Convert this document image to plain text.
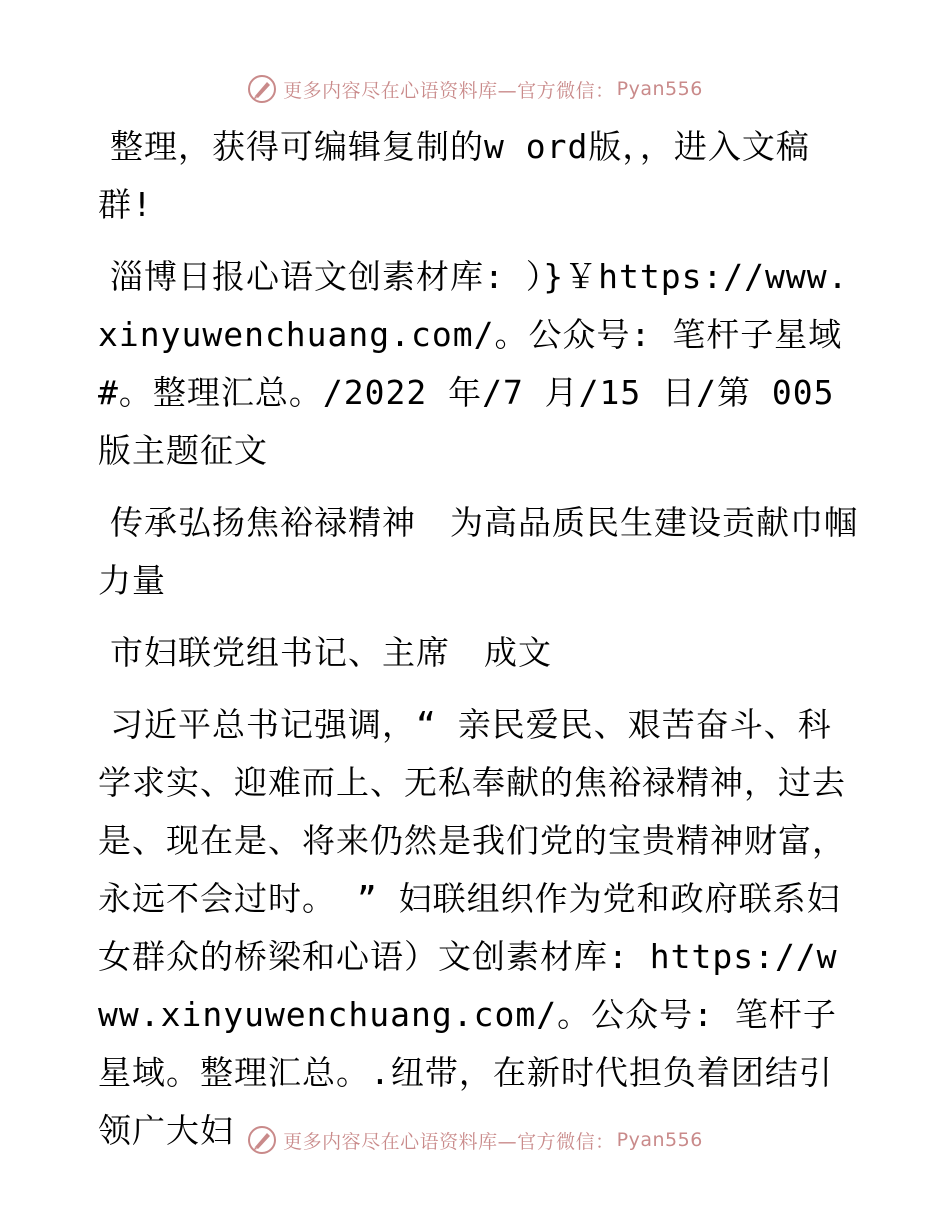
更多内容尽在心语资料库—官方微信： Pyan556

整理，获得可编辑复制的w ord版，，进入文稿群!

淄博日报心语文创素材库: ）}￥https://www.xinyuwenchuang.com/。公众号: 笔杆子星域#。整理汇总。/2022 年/7 月/15 日/第 005 版主题征文

传承弘扬焦裕禄精神　为高品质民生建设贡献巾帼力量

市妇联党组书记、主席　成文

习近平总书记强调，“ 亲民爱民、艰苦奋斗、科学求实、迎难而上、无私奉献的焦裕禄精神，过去是、现在是、将来仍然是我们党的宝贵精神财富，永远不会过时。 ” 妇联组织作为党和政府联系妇女群众的桥梁和心语）文创素材库: https://www.xinyuwenchuang.com/。公众号: 笔杆子星域。整理汇总。.纽带，在新时代担负着团结引领广大妇	更多内容尽在心语资料库—官方微信： Pyan556
